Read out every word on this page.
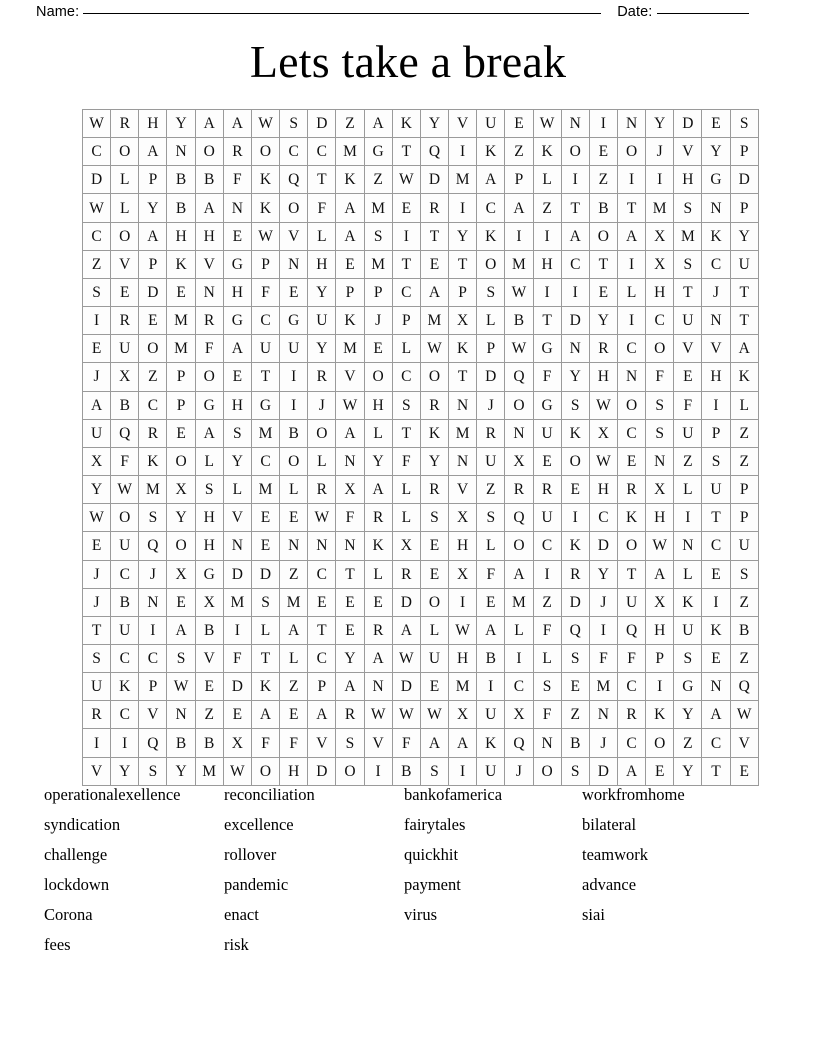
Name:	Date:
Lets take a break
W	R	H	Y	A	A	W	S	D	Z	A	K	Y	V	U	E	W	N	I	N	Y	D	E	S
C	O	A	N	O	R	O	C	C	M	G	T	Q	I	K	Z	K	O	E	O	J	V	Y	P
D	L	P	B	B	F	K	Q	T	K	Z	W	D	M	A	P	L	I	Z	I	I	H	G	D
W	L	Y	B	A	N	K	O	F	A	M	E	R	I	C	A	Z	T	B	T	M	S	N	P
C	O	A	H	H	E	W	V	L	A	S	I	T	Y	K	I	I	A	O	A	X	M	K	Y
Z	V	P	K	V	G	P	N	H	E	M	T	E	T	O	M	H	C	T	I	X	S	C	U
S	E	D	E	N	H	F	E	Y	P	P	C	A	P	S	W	I	I	E	L	H	T	J	T
I	R	E	M	R	G	C	G	U	K	J	P	M	X	L	B	T	D	Y	I	C	U	N	T
E	U	O	M	F	A	U	U	Y	M	E	L	W	K	P	W	G	N	R	C	O	V	V	A
J	X	Z	P	O	E	T	I	R	V	O	C	O	T	D	Q	F	Y	H	N	F	E	H	K
A	B	C	P	G	H	G	I	J	W	H	S	R	N	J	O	G	S	W	O	S	F	I	L
U	Q	R	E	A	S	M	B	O	A	L	T	K	M	R	N	U	K	X	C	S	U	P	Z
X	F	K	O	L	Y	C	O	L	N	Y	F	Y	N	U	X	E	O	W	E	N	Z	S	Z
Y	W	M	X	S	L	M	L	R	X	A	L	R	V	Z	R	R	E	H	R	X	L	U	P
W	O	S	Y	H	V	E	E	W	F	R	L	S	X	S	Q	U	I	C	K	H	I	T	P
E	U	Q	O	H	N	E	N	N	N	K	X	E	H	L	O	C	K	D	O	W	N	C	U
J	C	J	X	G	D	D	Z	C	T	L	R	E	X	F	A	I	R	Y	T	A	L	E	S
J	B	N	E	X	M	S	M	E	E	E	D	O	I	E	M	Z	D	J	U	X	K	I	Z
T	U	I	A	B	I	L	A	T	E	R	A	L	W	A	L	F	Q	I	Q	H	U	K	B
S	C	C	S	V	F	T	L	C	Y	A	W	U	H	B	I	L	S	F	F	P	S	E	Z
U	K	P	W	E	D	K	Z	P	A	N	D	E	M	I	C	S	E	M	C	I	G	N	Q
R	C	V	N	Z	E	A	E	A	R	W	W	W	X	U	X	F	Z	N	R	K	Y	A	W
I	I	Q	B	B	X	F	F	V	S	V	F	A	A	K	Q	N	B	J	C	O	Z	C	V
V	Y	S	Y	M	W	O	H	D	O	I	B	S	I	U	J	O	S	D	A	E	Y	T	E
operationalexellence
syndication
challenge
lockdown
Corona
fees
reconciliation
excellence
rollover
pandemic
enact
risk
bankofamerica
fairytales
quickhit
payment
virus
workfromhome
bilateral
teamwork
advance
siai
